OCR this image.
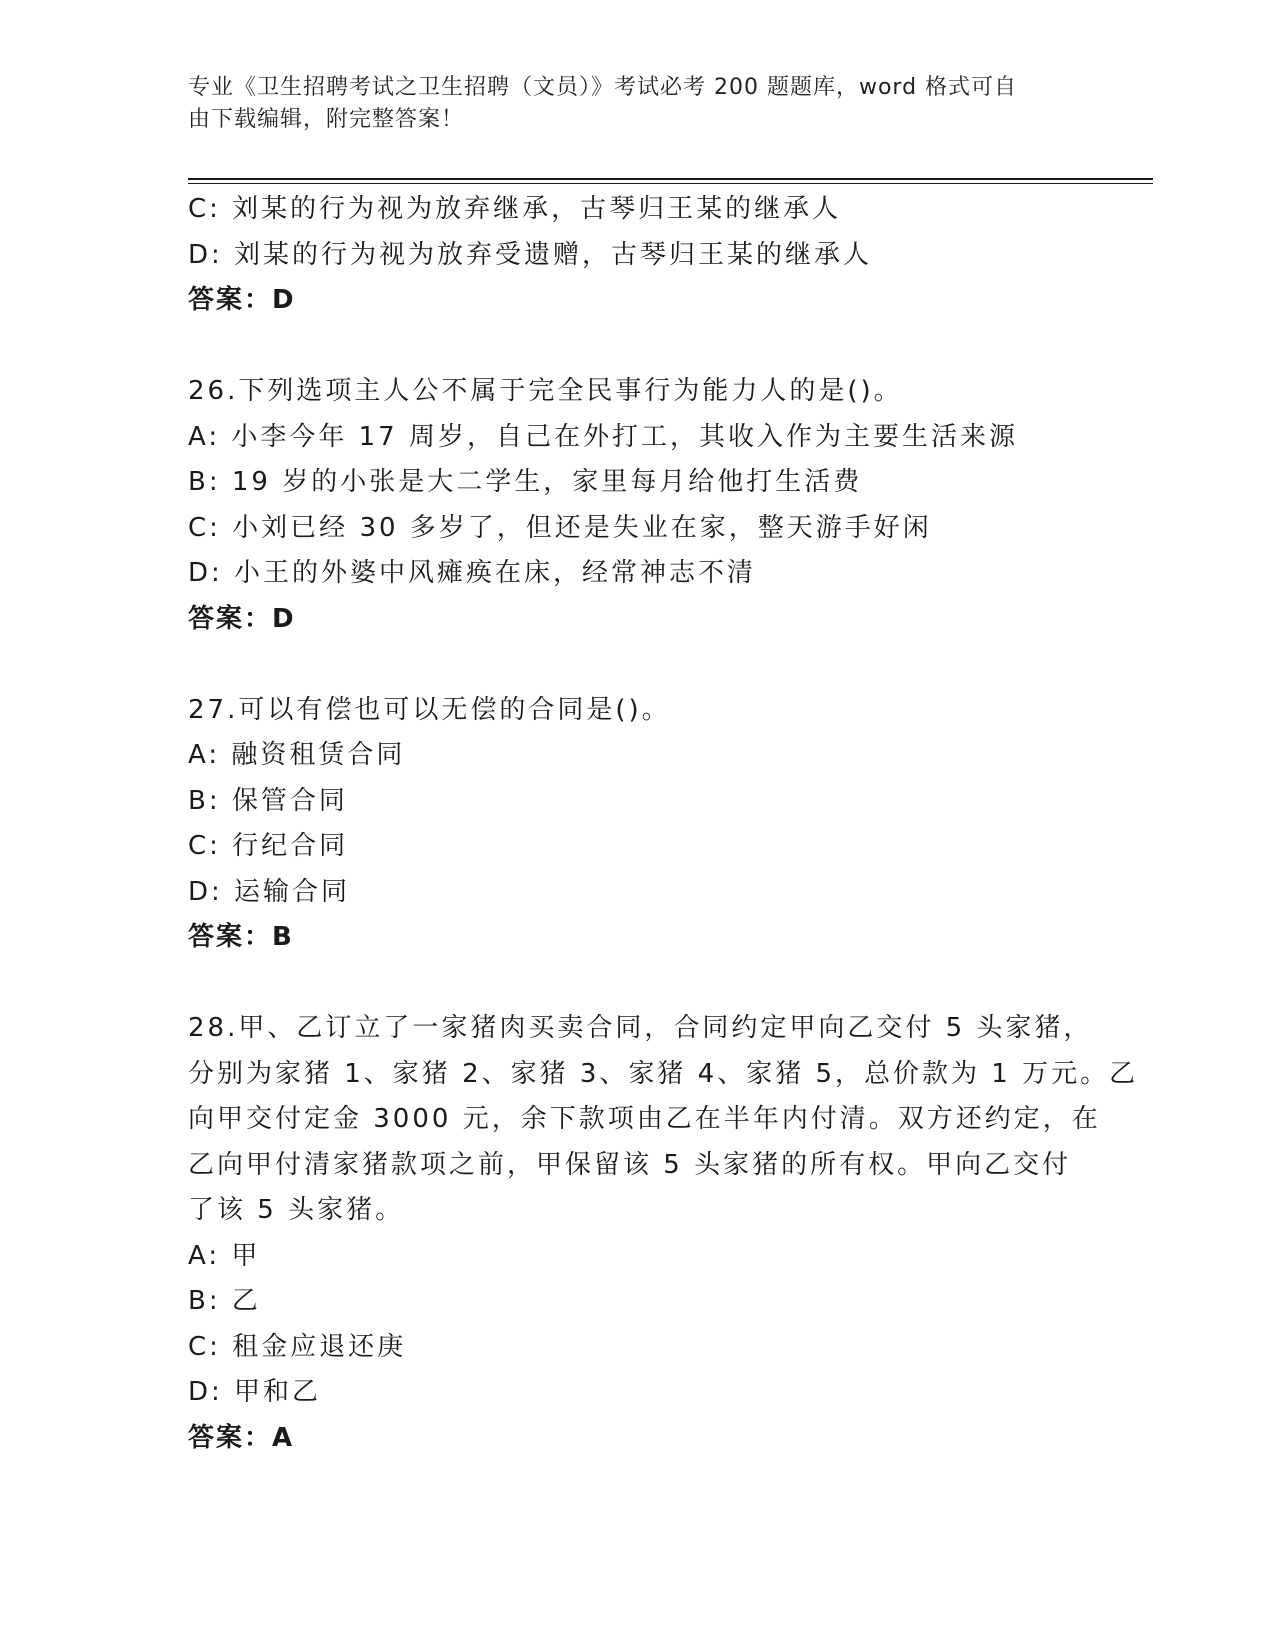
专业《卫生招聘考试之卫生招聘（文员）》考试必考 200 题题库，word 格式可自
由下载编辑，附完整答案！
C: 刘某的行为视为放弃继承，古琴归王某的继承人
D: 刘某的行为视为放弃受遗赠，古琴归王某的继承人
答案：D
26.下列选项主人公不属于完全民事行为能力人的是()。
A: 小李今年 17 周岁，自己在外打工，其收入作为主要生活来源
B: 19 岁的小张是大二学生，家里每月给他打生活费
C: 小刘已经 30 多岁了，但还是失业在家，整天游手好闲
D: 小王的外婆中风瘫痪在床，经常神志不清
答案：D
27.可以有偿也可以无偿的合同是()。
A: 融资租赁合同
B: 保管合同
C: 行纪合同
D: 运输合同
答案：B
28.甲、乙订立了一家猪肉买卖合同，合同约定甲向乙交付 5 头家猪，
分别为家猪 1、家猪 2、家猪 3、家猪 4、家猪 5，总价款为 1 万元。乙
向甲交付定金 3000 元，余下款项由乙在半年内付清。双方还约定，在
乙向甲付清家猪款项之前，甲保留该 5 头家猪的所有权。甲向乙交付
了该 5 头家猪。
A: 甲
B: 乙
C: 租金应退还庚
D: 甲和乙
答案：A
